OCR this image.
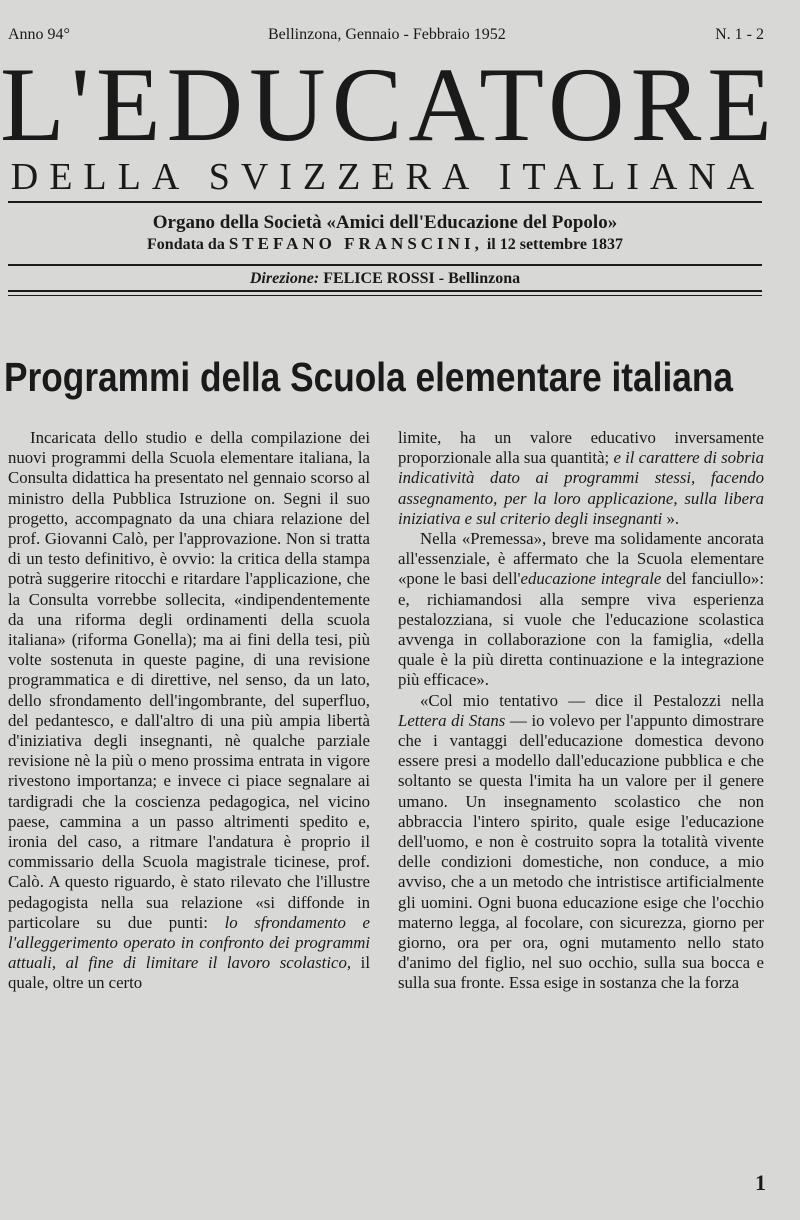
Anno 94°	Bellinzona, Gennaio - Febbraio 1952	N. 1 - 2
L'EDUCATORE
DELLA SVIZZERA ITALIANA
Organo della Società «Amici dell'Educazione del Popolo»
Fondata da STEFANO FRANSCINI, il 12 settembre 1837
Direzione: FELICE ROSSI - Bellinzona
Programmi della Scuola elementare italiana

Incaricata dello studio e della compilazione dei nuovi programmi della Scuola elementare italiana, la Consulta didattica ha presentato nel gennaio scorso al ministro della Pubblica Istruzione on. Segni il suo progetto, accompagnato da una chiara relazione del prof. Giovanni Calò, per l'approvazione. Non si tratta di un testo definitivo, è ovvio: la critica della stampa potrà suggerire ritocchi e ritardare l'applicazione, che la Consulta vorrebbe sollecita, «indipendentemente da una riforma degli ordinamenti della scuola italiana» (riforma Gonella); ma ai fini della tesi, più volte sostenuta in queste pagine, di una revisione programmatica e di direttive, nel senso, da un lato, dello sfrondamento dell'ingombrante, del superfluo, del pedantesco, e dall'altro di una più ampia libertà d'iniziativa degli insegnanti, nè qualche parziale revisione nè la più o meno prossima entrata in vigore rivestono importanza; e invece ci piace segnalare ai tardigradi che la coscienza pedagogica, nel vicino paese, cammina a un passo altrimenti spedito e, ironia del caso, a ritmare l'andatura è proprio il commissario della Scuola magistrale ticinese, prof. Calò. A questo riguardo, è stato rilevato che l'illustre pedagogista nella sua relazione «si diffonde in particolare su due punti: lo sfrondamento e l'alleggerimento operato in confronto dei programmi attuali, al fine di limitare il lavoro scolastico, il quale, oltre un certo

limite, ha un valore educativo inversamente proporzionale alla sua quantità; e il carattere di sobria indicatività dato ai programmi stessi, facendo assegnamento, per la loro applicazione, sulla libera iniziativa e sul criterio degli insegnanti ».

Nella «Premessa», breve ma solidamente ancorata all'essenziale, è affermato che la Scuola elementare «pone le basi dell'educazione integrale del fanciullo»: e, richiamandosi alla sempre viva esperienza pestalozziana, si vuole che l'educazione scolastica avvenga in collaborazione con la famiglia, «della quale è la più diretta continuazione e la integrazione più efficace».

«Col mio tentativo — dice il Pestalozzi nella Lettera di Stans — io volevo per l'appunto dimostrare che i vantaggi dell'educazione domestica devono essere presi a modello dall'educazione pubblica e che soltanto se questa l'imita ha un valore per il genere umano. Un insegnamento scolastico che non abbraccia l'intero spirito, quale esige l'educazione dell'uomo, e non è costruito sopra la totalità vivente delle condizioni domestiche, non conduce, a mio avviso, che a un metodo che intristisce artificialmente gli uomini. Ogni buona educazione esige che l'occhio materno legga, al focolare, con sicurezza, giorno per giorno, ora per ora, ogni mutamento nello stato d'animo del figlio, nel suo occhio, sulla sua bocca e sulla sua fronte. Essa esige in sostanza che la forza

1
